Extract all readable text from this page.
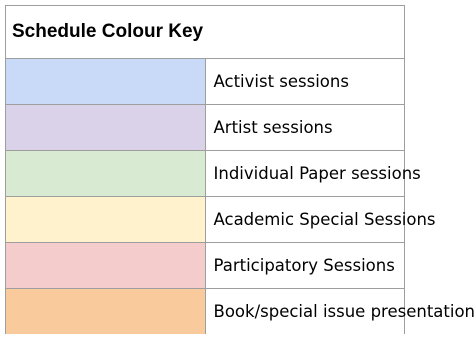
Schedule Colour Key	
	Activist sessions
	Artist sessions
	Individual Paper sessions
	Academic Special Sessions
	Participatory Sessions
	Book/special issue presentation
